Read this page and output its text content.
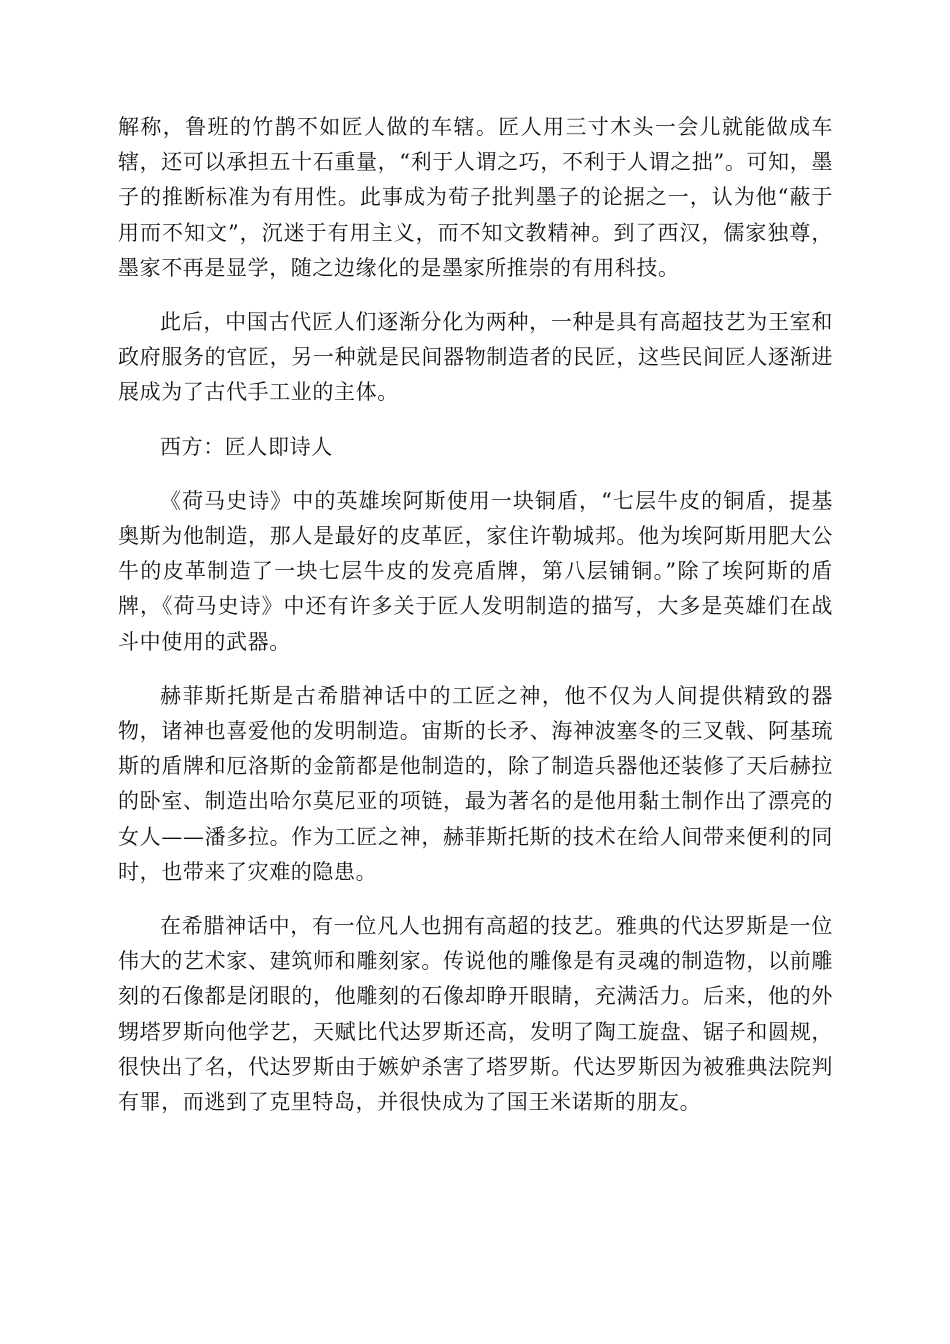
解称，鲁班的竹鹊不如匠人做的车辖。匠人用三寸木头一会儿就能做成车辖，还可以承担五十石重量，“利于人谓之巧，不利于人谓之拙”。可知，墨子的推断标准为有用性。此事成为荀子批判墨子的论据之一，认为他“蔽于用而不知文”，沉迷于有用主义，而不知文教精神。到了西汉，儒家独尊，墨家不再是显学，随之边缘化的是墨家所推崇的有用科技。

此后，中国古代匠人们逐渐分化为两种，一种是具有高超技艺为王室和政府服务的官匠，另一种就是民间器物制造者的民匠，这些民间匠人逐渐进展成为了古代手工业的主体。

西方：匠人即诗人

《荷马史诗》中的英雄埃阿斯使用一块铜盾，“七层牛皮的铜盾，提基奥斯为他制造，那人是最好的皮革匠，家住许勒城邦。他为埃阿斯用肥大公牛的皮革制造了一块七层牛皮的发亮盾牌，第八层铺铜。”除了埃阿斯的盾牌，《荷马史诗》中还有许多关于匠人发明制造的描写，大多是英雄们在战斗中使用的武器。

赫菲斯托斯是古希腊神话中的工匠之神，他不仅为人间提供精致的器物，诸神也喜爱他的发明制造。宙斯的长矛、海神波塞冬的三叉戟、阿基琉斯的盾牌和厄洛斯的金箭都是他制造的，除了制造兵器他还装修了天后赫拉的卧室、制造出哈尔莫尼亚的项链，最为著名的是他用黏土制作出了漂亮的女人——潘多拉。作为工匠之神，赫菲斯托斯的技术在给人间带来便利的同时，也带来了灾难的隐患。

在希腊神话中，有一位凡人也拥有高超的技艺。雅典的代达罗斯是一位伟大的艺术家、建筑师和雕刻家。传说他的雕像是有灵魂的制造物，以前雕刻的石像都是闭眼的，他雕刻的石像却睁开眼睛，充满活力。后来，他的外甥塔罗斯向他学艺，天赋比代达罗斯还高，发明了陶工旋盘、锯子和圆规，很快出了名，代达罗斯由于嫉妒杀害了塔罗斯。代达罗斯因为被雅典法院判有罪，而逃到了克里特岛，并很快成为了国王米诺斯的朋友。
